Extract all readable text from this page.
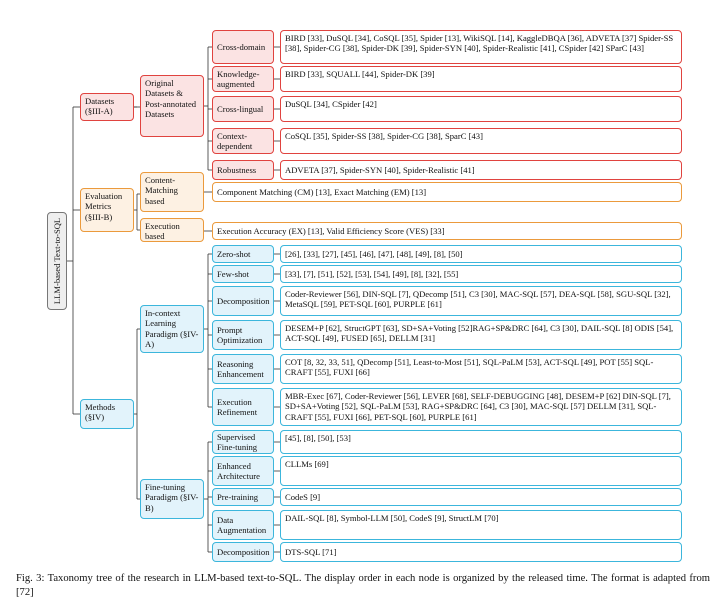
LLM-based Text-to-SQL
Datasets (§III-A)
Evaluation Metrics (§III-B)
Methods (§IV)
Original Datasets & Post-annotated Datasets
Content-Matching based
Execution based
In-context Learning Paradigm (§IV-A)
Fine-tuning Paradigm (§IV-B)
Cross-domain
BIRD [33], DuSQL [34], CoSQL [35], Spider [13], WikiSQL [14], KaggleDBQA [36], ADVETA [37] Spider-SS [38], Spider-CG [38], Spider-DK [39], Spider-SYN [40], Spider-Realistic [41], CSpider [42] SParC [43]
Knowledge-augmented
BIRD [33], SQUALL [44], Spider-DK [39]
Cross-lingual	DuSQL [34], CSpider [42]
Context-dependent
CoSQL [35], Spider-SS [38], Spider-CG [38], SparC [43]
Robustness	ADVETA [37], Spider-SYN [40], Spider-Realistic [41]
Zero-shot	[26], [33], [27], [45], [46], [47], [48], [49], [8], [50]
Few-shot	[33], [7], [51], [52], [53], [54], [49], [8], [32], [55]
Decomposition
Coder-Reviewer [56], DIN-SQL [7], QDecomp [51], C3 [30], MAC-SQL [57], DEA-SQL [58], SGU-SQL [32], MetaSQL [59], PET-SQL [60], PURPLE [61]
Prompt Optimization
DESEM+P [62], StructGPT [63], SD+SA+Voting [52]RAG+SP&DRC [64], C3 [30], DAIL-SQL [8] ODIS [54], ACT-SQL [49], FUSED [65], DELLM [31]
Reasoning Enhancement
COT [8, 32, 33, 51], QDecomp [51], Least-to-Most [51], SQL-PaLM [53], ACT-SQL [49], POT [55] SQL-CRAFT [55], FUXI [66]
Execution Refinement
MBR-Exec [67], Coder-Reviewer [56], LEVER [68], SELF-DEBUGGING [48], DESEM+P [62] DIN-SQL [7], SD+SA+Voting [52], SQL-PaLM [53], RAG+SP&DRC [64], C3 [30], MAC-SQL [57] DELLM [31], SQL-CRAFT [55], FUXI [66], PET-SQL [60], PURPLE [61]
Supervised Fine-tuning
[45], [8], [50], [53]
Enhanced Architecture
CLLMs [69]
Pre-training	CodeS [9]
Data Augmentation
DAIL-SQL [8], Symbol-LLM [50], CodeS [9], StructLM [70]
Decomposition	DTS-SQL [71]
Component Matching (CM) [13], Exact Matching (EM) [13]
Execution Accuracy (EX) [13], Valid Efficiency Score (VES) [33]
Fig. 3: Taxonomy tree of the research in LLM-based text-to-SQL. The display order in each node is organized by the released time. The format is adapted from [72]
